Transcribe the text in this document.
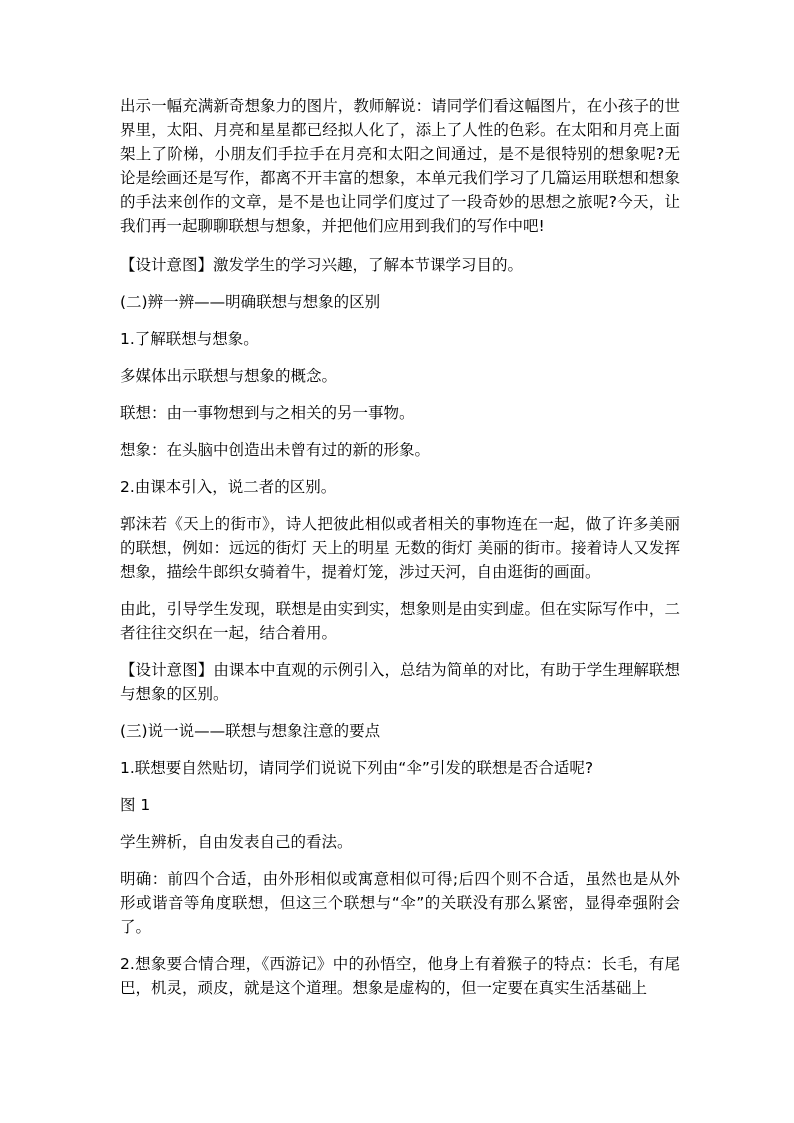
出示一幅充满新奇想象力的图片，教师解说：请同学们看这幅图片，在小孩子的世界里，太阳、月亮和星星都已经拟人化了，添上了人性的色彩。在太阳和月亮上面架上了阶梯，小朋友们手拉手在月亮和太阳之间通过，是不是很特别的想象呢?无论是绘画还是写作，都离不开丰富的想象，本单元我们学习了几篇运用联想和想象的手法来创作的文章，是不是也让同学们度过了一段奇妙的思想之旅呢?今天，让我们再一起聊聊联想与想象，并把他们应用到我们的写作中吧!

【设计意图】激发学生的学习兴趣，了解本节课学习目的。

(二)辨一辨——明确联想与想象的区别

1.了解联想与想象。

多媒体出示联想与想象的概念。

联想：由一事物想到与之相关的另一事物。

想象：在头脑中创造出未曾有过的新的形象。

2.由课本引入，说二者的区别。

郭沫若《天上的街市》，诗人把彼此相似或者相关的事物连在一起，做了许多美丽的联想，例如：远远的街灯 天上的明星 无数的街灯 美丽的街市。接着诗人又发挥想象，描绘牛郎织女骑着牛，提着灯笼，涉过天河，自由逛街的画面。

由此，引导学生发现，联想是由实到实，想象则是由实到虚。但在实际写作中，二者往往交织在一起，结合着用。

【设计意图】由课本中直观的示例引入，总结为简单的对比，有助于学生理解联想与想象的区别。

(三)说一说——联想与想象注意的要点

1.联想要自然贴切，请同学们说说下列由“伞”引发的联想是否合适呢?

图 1

学生辨析，自由发表自己的看法。

明确：前四个合适，由外形相似或寓意相似可得;后四个则不合适，虽然也是从外形或谐音等角度联想，但这三个联想与“伞”的关联没有那么紧密，显得牵强附会了。

2.想象要合情合理，《西游记》中的孙悟空，他身上有着猴子的特点：长毛，有尾巴，机灵，顽皮，就是这个道理。想象是虚构的，但一定要在真实生活基础上
